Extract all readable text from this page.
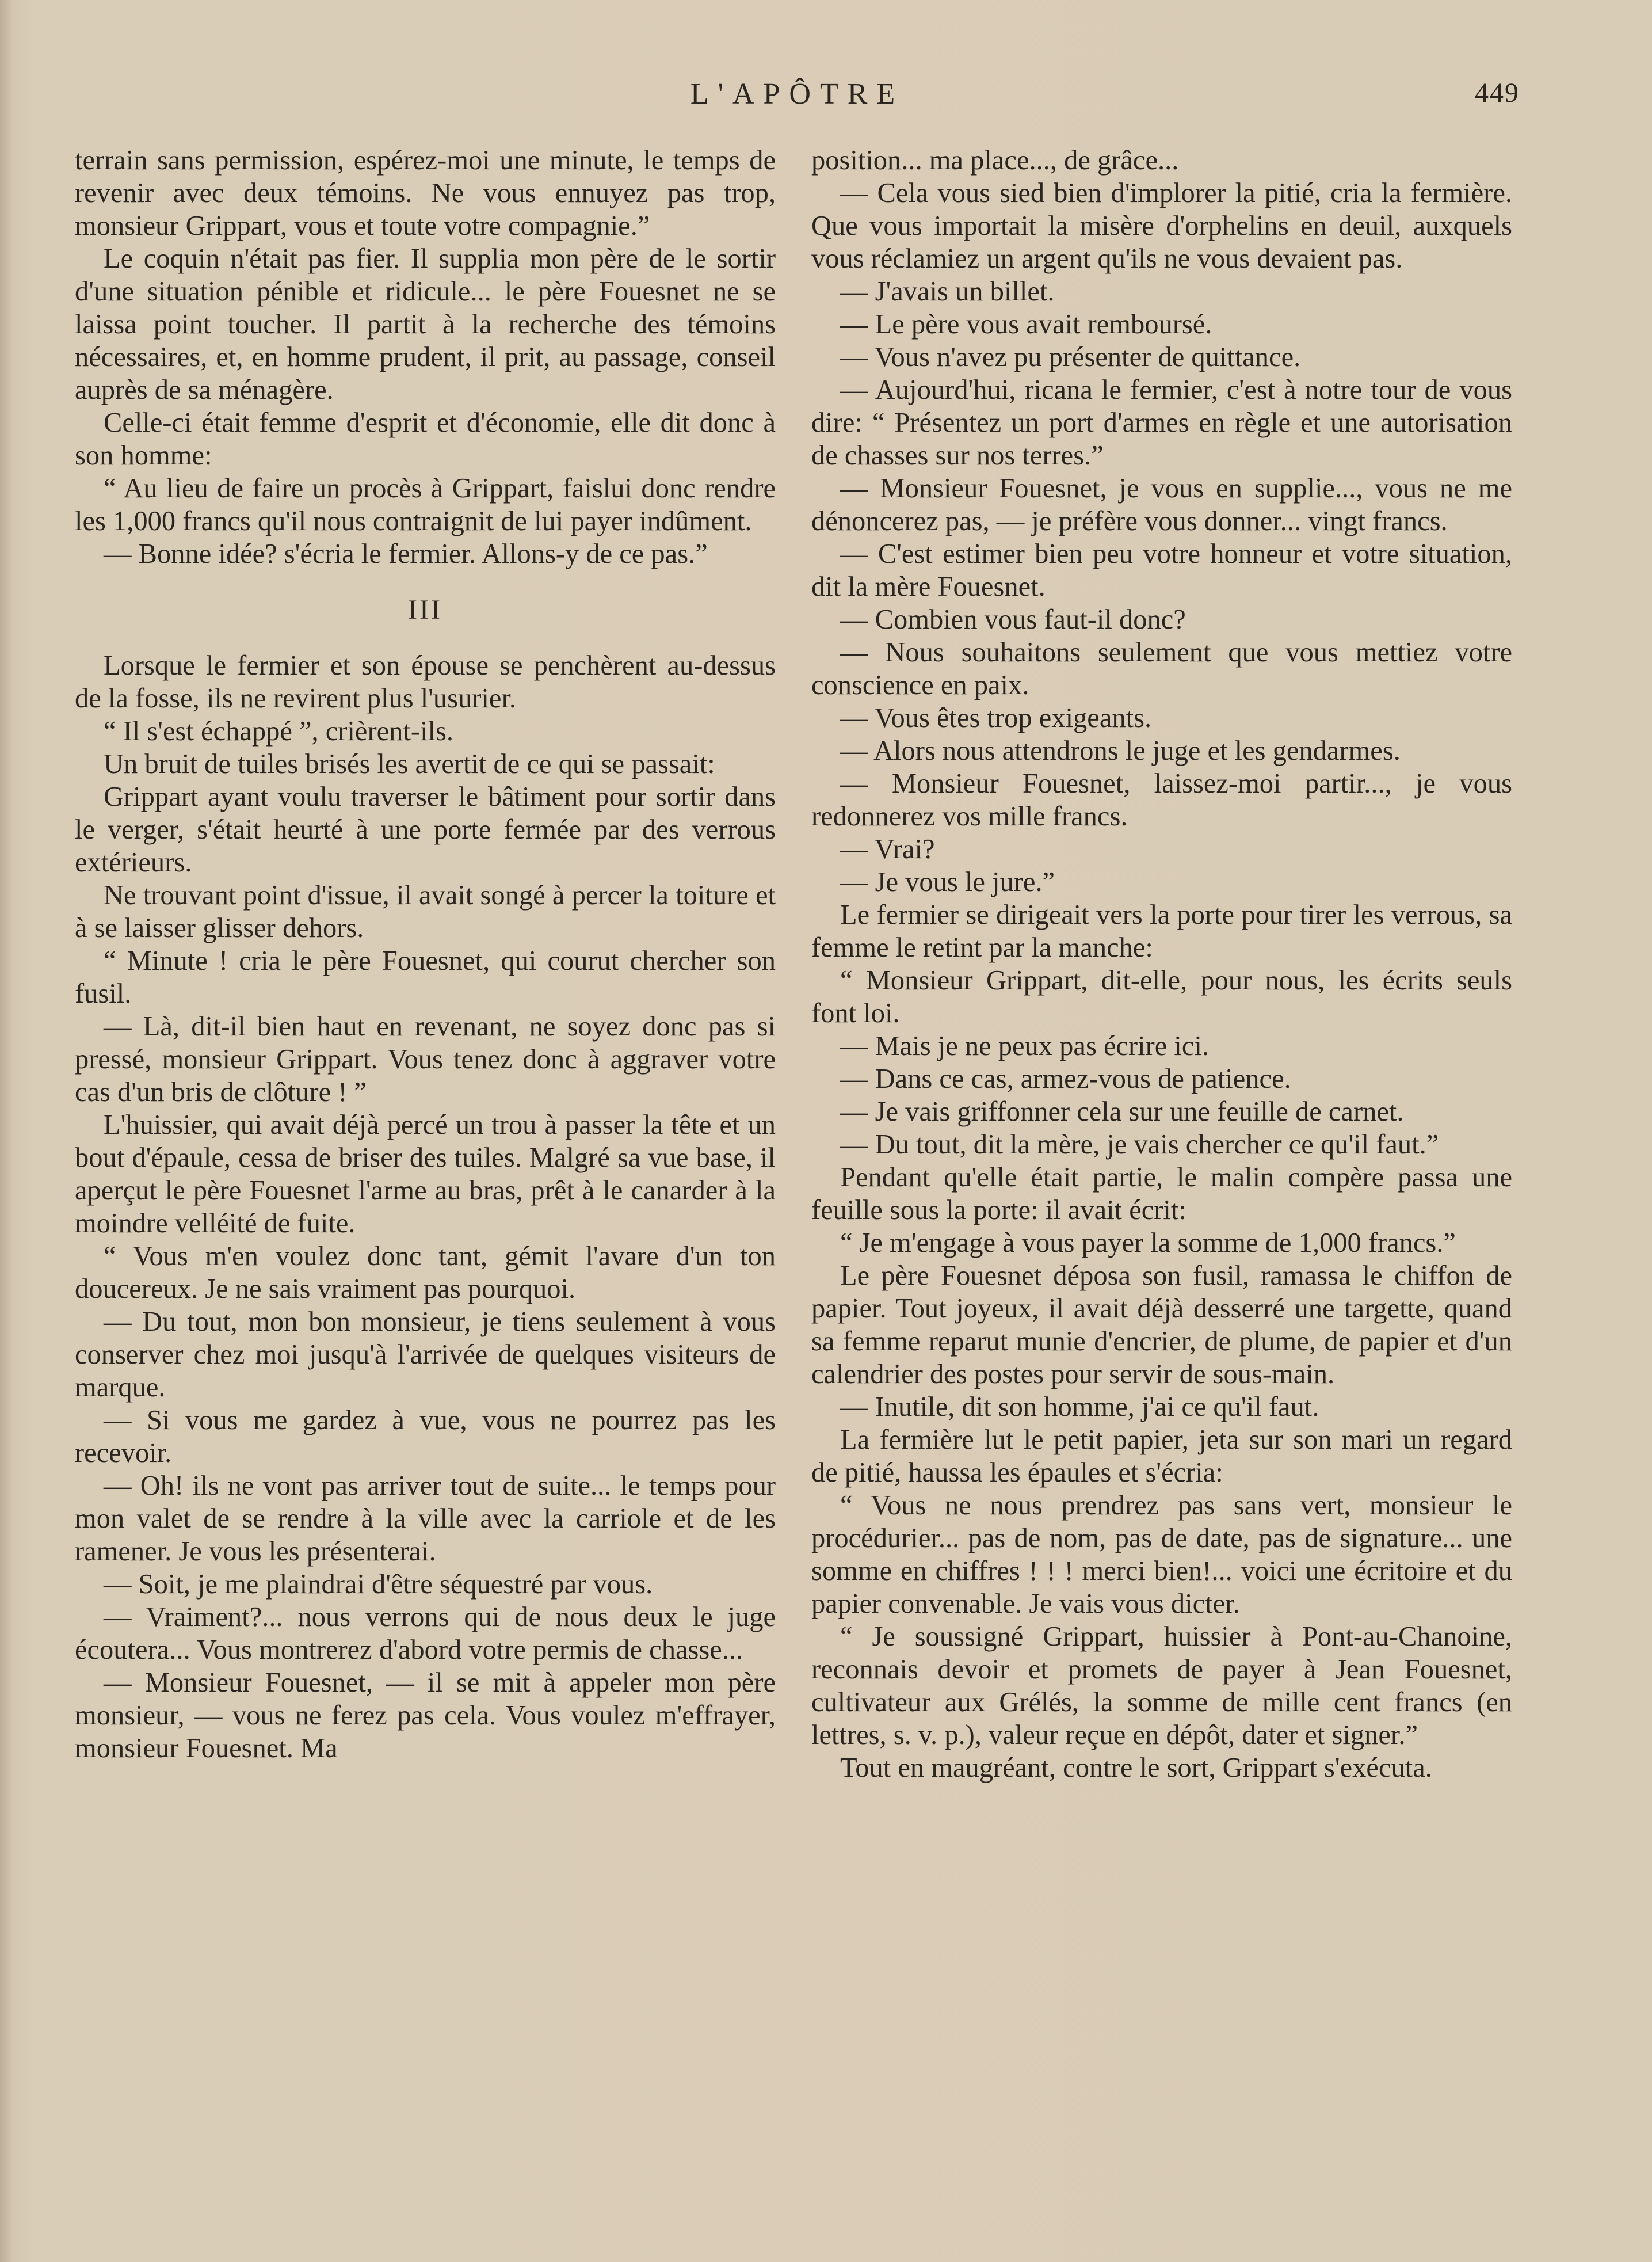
L'APÔTRE	449

terrain sans permission, espérez-moi une minute, le temps de revenir avec deux témoins. Ne vous ennuyez pas trop, monsieur Grippart, vous et toute votre compagnie.”

Le coquin n'était pas fier. Il supplia mon père de le sortir d'une situation pénible et ridicule... le père Fouesnet ne se laissa point toucher. Il partit à la recherche des témoins nécessaires, et, en homme prudent, il prit, au passage, conseil auprès de sa ménagère.

Celle-ci était femme d'esprit et d'économie, elle dit donc à son homme:

“ Au lieu de faire un procès à Grippart, faislui donc rendre les 1,000 francs qu'il nous contraignit de lui payer indûment.

— Bonne idée? s'écria le fermier. Allons-y de ce pas.”

III

Lorsque le fermier et son épouse se penchèrent au-dessus de la fosse, ils ne revirent plus l'usurier.

“ Il s'est échappé ”, crièrent-ils.

Un bruit de tuiles brisés les avertit de ce qui se passait:

Grippart ayant voulu traverser le bâtiment pour sortir dans le verger, s'était heurté à une porte fermée par des verrous extérieurs.

Ne trouvant point d'issue, il avait songé à percer la toiture et à se laisser glisser dehors.

“ Minute ! cria le père Fouesnet, qui courut chercher son fusil.

— Là, dit-il bien haut en revenant, ne soyez donc pas si pressé, monsieur Grippart. Vous tenez donc à aggraver votre cas d'un bris de clôture ! ”

L'huissier, qui avait déjà percé un trou à passer la tête et un bout d'épaule, cessa de briser des tuiles. Malgré sa vue base, il aperçut le père Fouesnet l'arme au bras, prêt à le canarder à la moindre velléité de fuite.

“ Vous m'en voulez donc tant, gémit l'avare d'un ton doucereux. Je ne sais vraiment pas pourquoi.

— Du tout, mon bon monsieur, je tiens seulement à vous conserver chez moi jusqu'à l'arrivée de quelques visiteurs de marque.

— Si vous me gardez à vue, vous ne pourrez pas les recevoir.

— Oh! ils ne vont pas arriver tout de suite... le temps pour mon valet de se rendre à la ville avec la carriole et de les ramener. Je vous les présenterai.

— Soit, je me plaindrai d'être séquestré par vous.

— Vraiment?... nous verrons qui de nous deux le juge écoutera... Vous montrerez d'abord votre permis de chasse...

— Monsieur Fouesnet, — il se mit à appeler mon père monsieur, — vous ne ferez pas cela. Vous voulez m'effrayer, monsieur Fouesnet. Ma

position... ma place..., de grâce...

— Cela vous sied bien d'implorer la pitié, cria la fermière. Que vous importait la misère d'orphelins en deuil, auxquels vous réclamiez un argent qu'ils ne vous devaient pas.

— J'avais un billet.

— Le père vous avait remboursé.

— Vous n'avez pu présenter de quittance.

— Aujourd'hui, ricana le fermier, c'est à notre tour de vous dire: “ Présentez un port d'armes en règle et une autorisation de chasses sur nos terres.”

— Monsieur Fouesnet, je vous en supplie..., vous ne me dénoncerez pas, — je préfère vous donner... vingt francs.

— C'est estimer bien peu votre honneur et votre situation, dit la mère Fouesnet.

— Combien vous faut-il donc?

— Nous souhaitons seulement que vous mettiez votre conscience en paix.

— Vous êtes trop exigeants.

— Alors nous attendrons le juge et les gendarmes.

— Monsieur Fouesnet, laissez-moi partir..., je vous redonnerez vos mille francs.

— Vrai?

— Je vous le jure.”

Le fermier se dirigeait vers la porte pour tirer les verrous, sa femme le retint par la manche:

“ Monsieur Grippart, dit-elle, pour nous, les écrits seuls font loi.

— Mais je ne peux pas écrire ici.

— Dans ce cas, armez-vous de patience.

— Je vais griffonner cela sur une feuille de carnet.

— Du tout, dit la mère, je vais chercher ce qu'il faut.”

Pendant qu'elle était partie, le malin compère passa une feuille sous la porte: il avait écrit:

“ Je m'engage à vous payer la somme de 1,000 francs.”

Le père Fouesnet déposa son fusil, ramassa le chiffon de papier. Tout joyeux, il avait déjà desserré une targette, quand sa femme reparut munie d'encrier, de plume, de papier et d'un calendrier des postes pour servir de sous-main.

— Inutile, dit son homme, j'ai ce qu'il faut.

La fermière lut le petit papier, jeta sur son mari un regard de pitié, haussa les épaules et s'écria:

“ Vous ne nous prendrez pas sans vert, monsieur le procédurier... pas de nom, pas de date, pas de signature... une somme en chiffres ! ! ! merci bien!... voici une écritoire et du papier convenable. Je vais vous dicter.

“ Je soussigné Grippart, huissier à Pont-au-Chanoine, reconnais devoir et promets de payer à Jean Fouesnet, cultivateur aux Grélés, la somme de mille cent francs (en lettres, s. v. p.), valeur reçue en dépôt, dater et signer.”

Tout en maugréant, contre le sort, Grippart s'exécuta.
